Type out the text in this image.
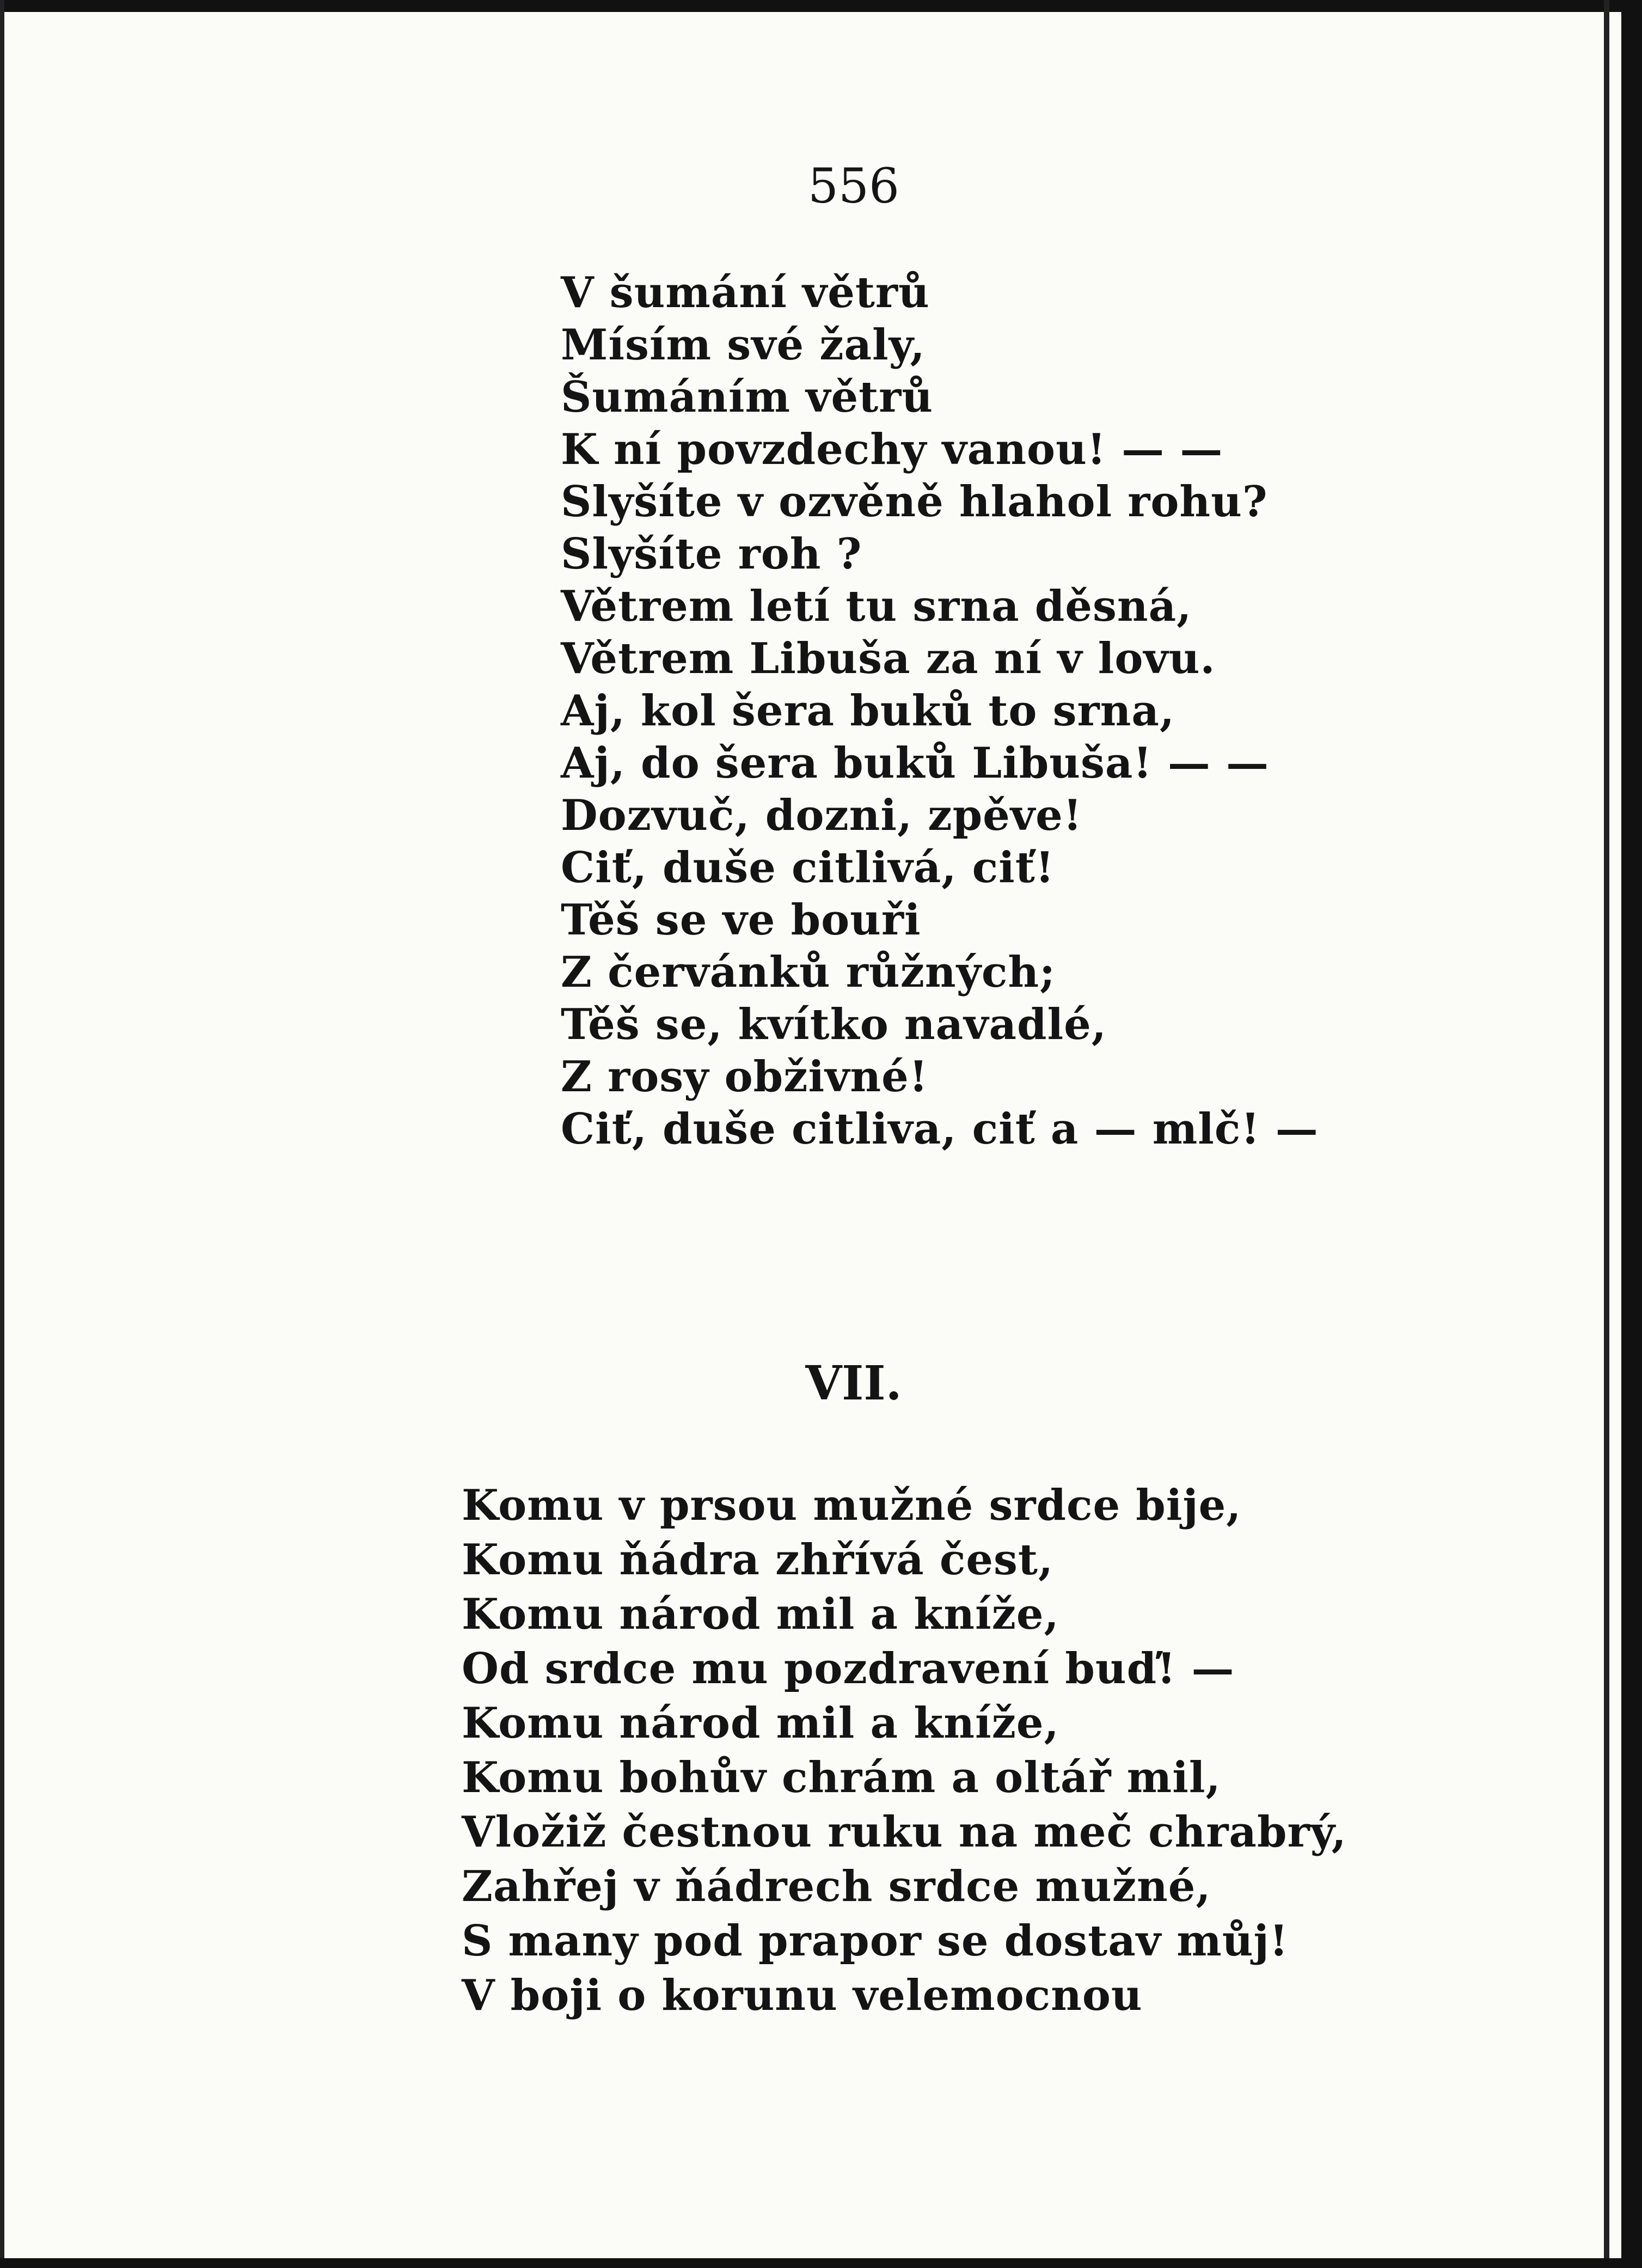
556

V šumání větrů

Mísím své žaly,

Šumáním větrů

K ní povzdechy vanou! — —

Slyšíte v ozvěně hlahol rohu?

Slyšíte roh ?

Větrem letí tu srna děsná,

Větrem Libuša za ní v lovu.

Aj, kol šera buků to srna,

Aj, do šera buků Libuša! — —

Dozvuč, dozni, zpěve!

Ciť, duše citlivá, ciť!

Těš se ve bouři

Z červánků růžných;

Těš se, kvítko navadlé,

Z rosy obživné!

Ciť, duše citliva, ciť a — mlč! —

VII.

Komu v prsou mužné srdce bije,

Komu ňádra zhřívá čest,

Komu národ mil a kníže,

Od srdce mu pozdravení buď! —

Komu národ mil a kníže,

Komu bohův chrám a oltář mil,

Vložiž čestnou ruku na meč chrabrý,

Zahřej v ňádrech srdce mužné,

S many pod prapor se dostav můj!

V boji o korunu velemocnou
